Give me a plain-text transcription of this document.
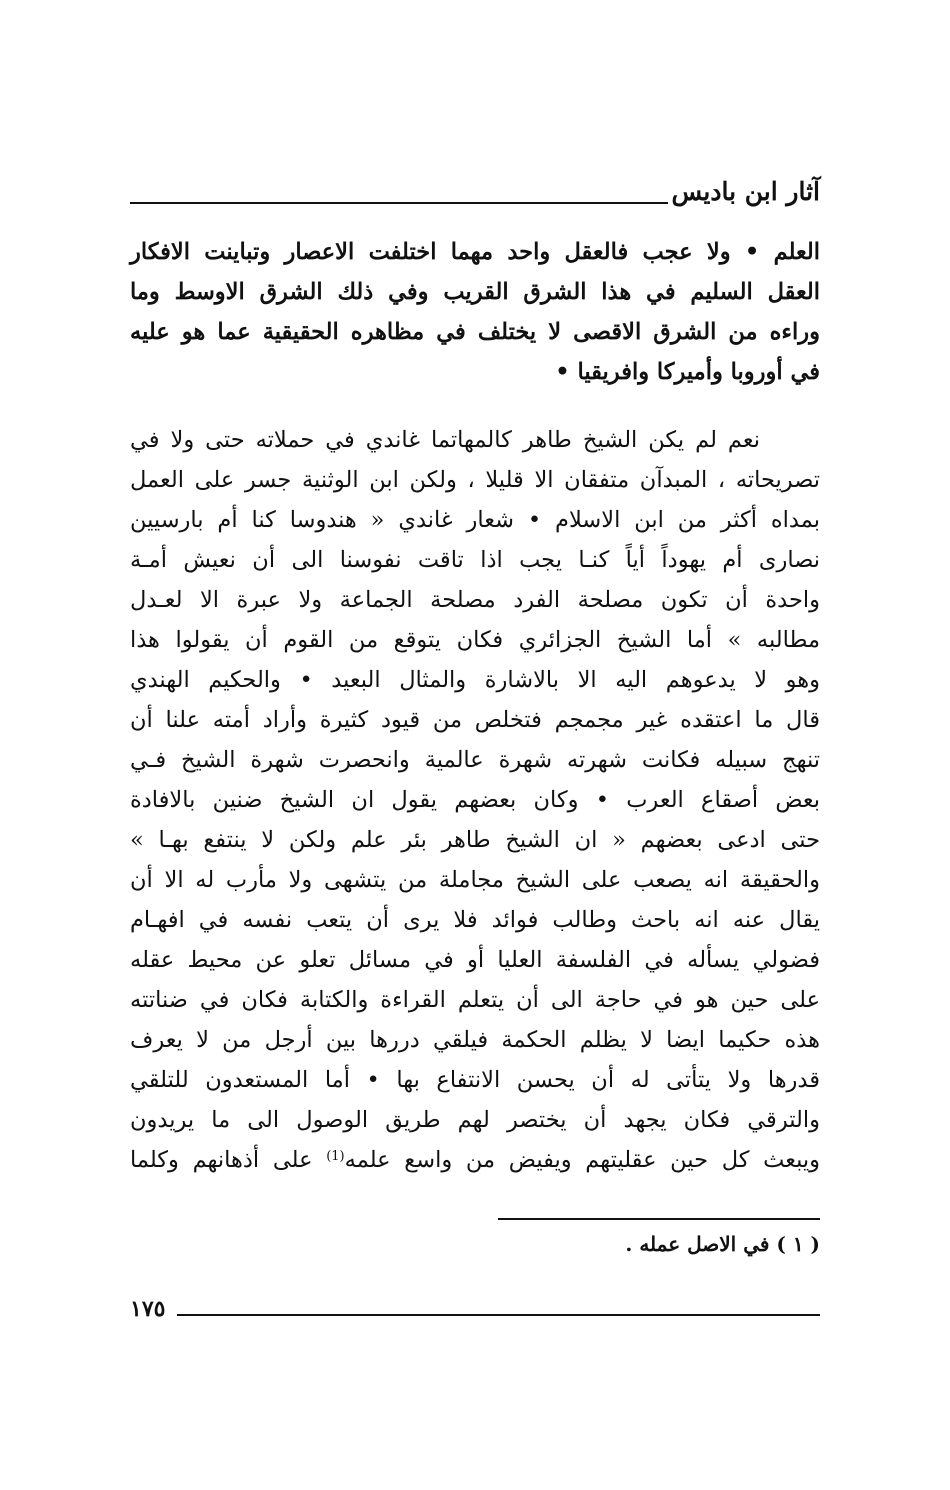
آثار ابن باديس
العلم • ولا عجب فالعقل واحد مهما اختلفت الاعصار وتباينت الافكار
العقل السليم في هذا الشرق القريب وفي ذلك الشرق الاوسط وما
وراءه من الشرق الاقصى لا يختلف في مظاهره الحقيقية عما هو عليه
في أوروبا وأميركا وافريقيا •
نعم لم يكن الشيخ طاهر كالمهاتما غاندي في حملاته حتى ولا في
تصريحاته ، المبدآن متفقان الا قليلا ، ولكن ابن الوثنية جسر على العمل
بمداه أكثر من ابن الاسلام • شعار غاندي « هندوسا كنا أم بارسيين
نصارى أم يهوداً أياً كنـا يجب اذا تاقت نفوسنا الى أن نعيش أمـة
واحدة أن تكون مصلحة الفرد مصلحة الجماعة ولا عبرة الا لعـدل
مطالبه » أما الشيخ الجزائري فكان يتوقع من القوم أن يقولوا هذا
وهو لا يدعوهم اليه الا بالاشارة والمثال البعيد • والحكيم الهندي
قال ما اعتقده غير مجمجم فتخلص من قيود كثيرة وأراد أمته علنا أن
تنهج سبيله فكانت شهرته شهرة عالمية وانحصرت شهرة الشيخ فـي
بعض أصقاع العرب • وكان بعضهم يقول ان الشيخ ضنين بالافادة
حتى ادعى بعضهم « ان الشيخ طاهر بئر علم ولكن لا ينتفع بهـا »
والحقيقة انه يصعب على الشيخ مجاملة من يتشهى ولا مأرب له الا أن
يقال عنه انه باحث وطالب فوائد فلا يرى أن يتعب نفسه في افهـام
فضولي يسأله في الفلسفة العليا أو في مسائل تعلو عن محيط عقله
على حين هو في حاجة الى أن يتعلم القراءة والكتابة فكان في ضناتته
هذه حكيما ايضا لا يظلم الحكمة فيلقي دررها بين أرجل من لا يعرف
قدرها ولا يتأتى له أن يحسن الانتفاع بها • أما المستعدون للتلقي
والترقي فكان يجهد أن يختصر لهم طريق الوصول الى ما يريدون
ويبعث كل حين عقليتهم ويفيض من واسع علمه$^{(1)}$ على أذهانهم وكلما
( ١ ) في الاصل عمله .
١٧٥
